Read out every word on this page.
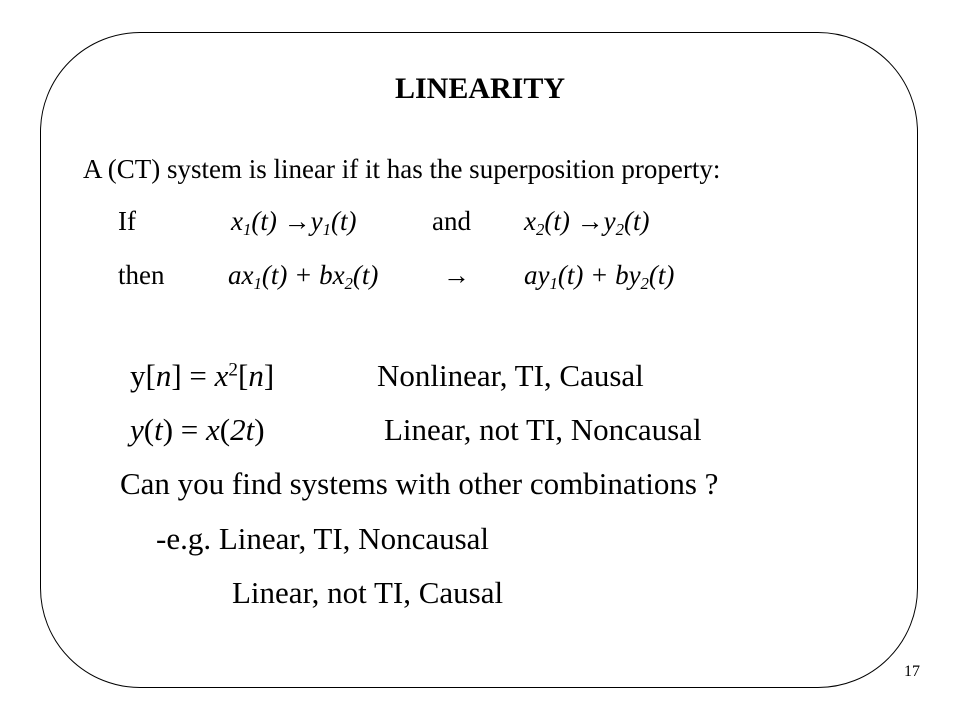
LINEARITY
A (CT) system is linear if it has the superposition property:
If	$x_1(t) \to y_1(t)$	and $x_2(t) \to y_2(t)$
then $ax_1(t) + bx_2(t) \to ay_1(t) + by_2(t)$
$y[n] = x^2[n]$	Nonlinear, TI, Causal
y(t) = x(2t)	Linear, not TI, Noncausal
Can you find systems with other combinations ?
-e.g. Linear, TI, Noncausal
Linear, not TI, Causal
17
